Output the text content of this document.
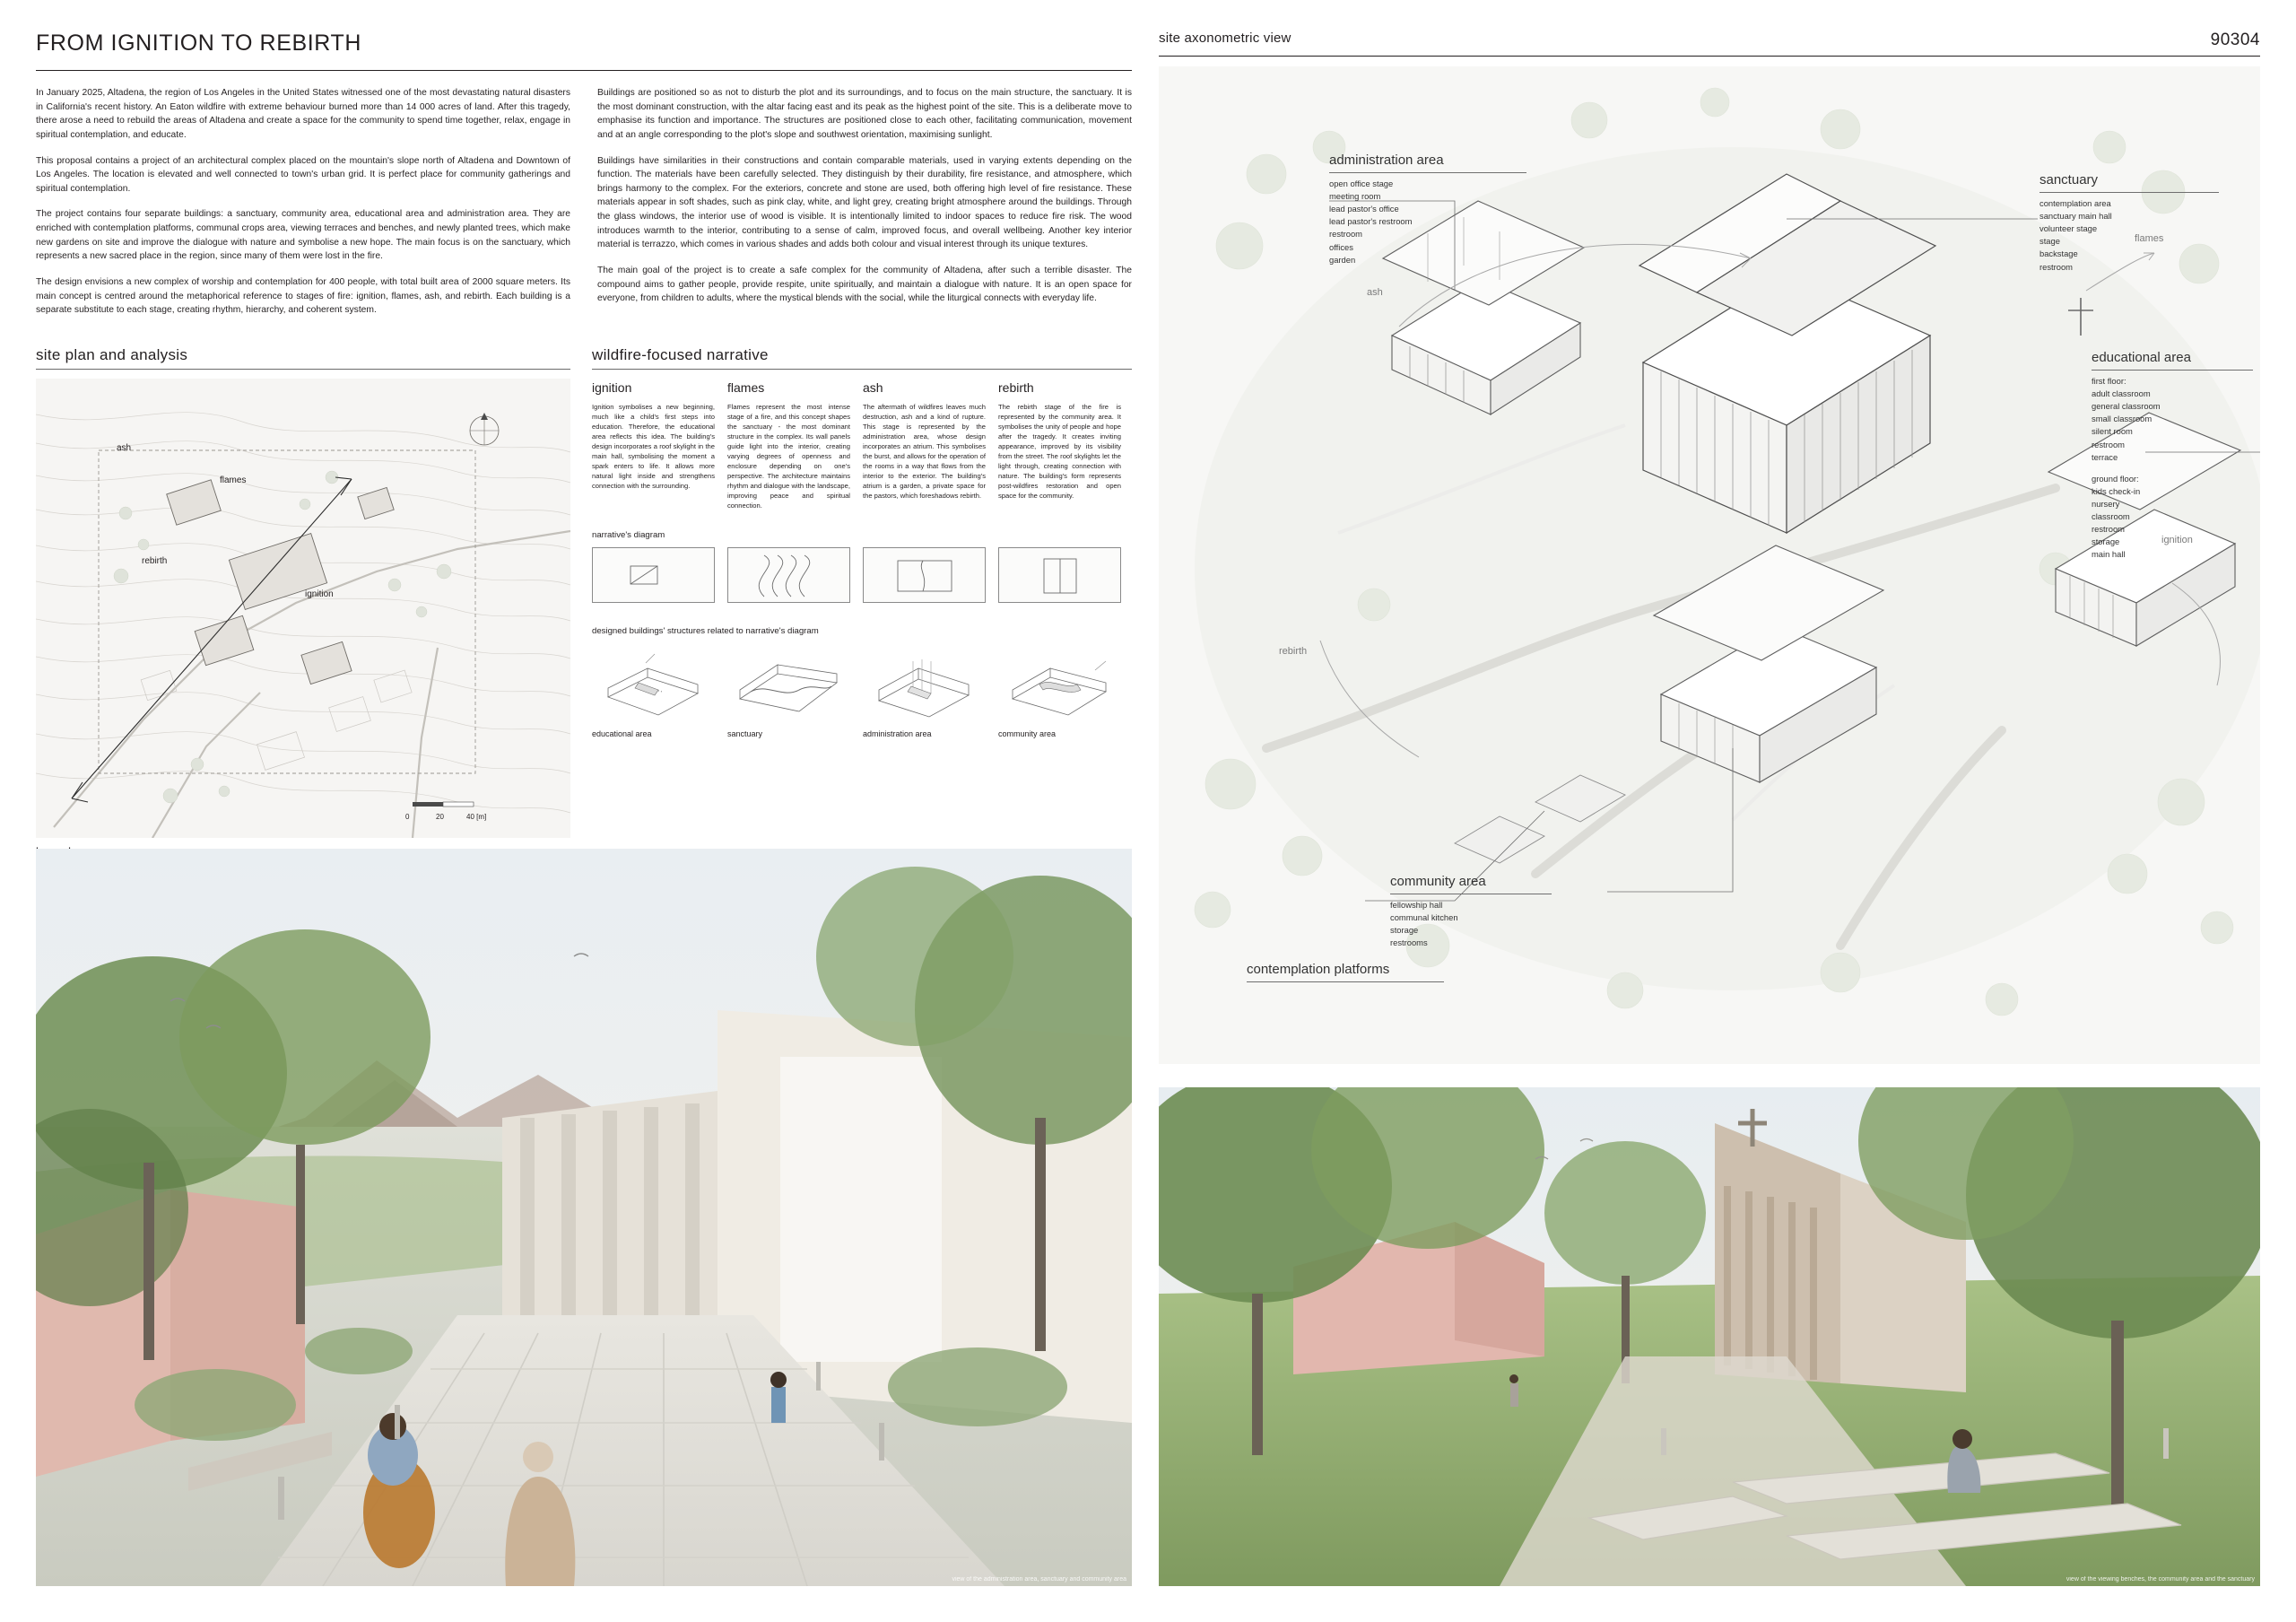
FROM IGNITION TO REBIRTH	site axonometric view	90304

In January 2025, Altadena, the region of Los Angeles in the United States witnessed one of the most devastating natural disasters in California's recent history. An Eaton wildfire with extreme behaviour burned more than 14 000 acres of land. After this tragedy, there arose a need to rebuild the areas of Altadena and create a space for the community to spend time together, relax, engage in spiritual contemplation, and educate.

This proposal contains a project of an architectural complex placed on the mountain's slope north of Altadena and Downtown of Los Angeles. The location is elevated and well connected to town's urban grid. It is perfect place for community gatherings and spiritual contemplation.

The project contains four separate buildings: a sanctuary, community area, educational area and administration area. They are enriched with contemplation platforms, communal crops area, viewing terraces and benches, and newly planted trees, which make new gardens on site and improve the dialogue with nature and symbolise a new hope. The main focus is on the sanctuary, which represents a new sacred place in the region, since many of them were lost in the fire.

The design envisions a new complex of worship and contemplation for 400 people, with total built area of 2000 square meters. Its main concept is centred around the metaphorical reference to stages of fire: ignition, flames, ash, and rebirth. Each building is a separate substitute to each stage, creating rhythm, hierarchy, and coherent system.

Buildings are positioned so as not to disturb the plot and its surroundings, and to focus on the main structure, the sanctuary. It is the most dominant construction, with the altar facing east and its peak as the highest point of the site. This is a deliberate move to emphasise its function and importance. The structures are positioned close to each other, facilitating communication, movement and at an angle corresponding to the plot's slope and southwest orientation, maximising sunlight.

Buildings have similarities in their constructions and contain comparable materials, used in varying extents depending on the function. The materials have been carefully selected. They distinguish by their durability, fire resistance, and atmosphere, which brings harmony to the complex. For the exteriors, concrete and stone are used, both offering high level of fire resistance. These materials appear in soft shades, such as pink clay, white, and light grey, creating bright atmosphere around the buildings. Through the glass windows, the interior use of wood is visible. It is intentionally limited to indoor spaces to reduce fire risk. The wood introduces warmth to the interior, contributing to a sense of calm, improved focus, and overall wellbeing. Another key interior material is terrazzo, which comes in various shades and adds both colour and visual interest through its unique textures.

The main goal of the project is to create a safe complex for the community of Altadena, after such a terrible disaster. The compound aims to gather people, provide respite, unite spiritually, and maintain a dialogue with nature. It is an open space for everyone, from children to adults, where the mystical blends with the social, while the liturgical connects with everyday life.

site plan and analysis
ash
flames
rebirth
ignition
0	20	40 [m]
wildfire-focused narrative
ignition

Ignition symbolises a new beginning, much like a child's first steps into education. Therefore, the educational area reflects this idea. The building's design incorporates a roof skylight in the main hall, symbolising the moment a spark enters to life. It allows more natural light inside and strengthens connection with the surrounding.

flames

Flames represent the most intense stage of a fire, and this concept shapes the sanctuary - the most dominant structure in the complex. Its wall panels guide light into the interior, creating varying degrees of openness and enclosure depending on one's perspective. The architecture maintains rhythm and dialogue with the landscape, improving peace and spiritual connection.

ash

The aftermath of wildfires leaves much destruction, ash and a kind of rupture. This stage is represented by the administration area, whose design incorporates an atrium. This symbolises the burst, and allows for the operation of the rooms in a way that flows from the interior to the exterior. The building's atrium is a garden, a private space for the pastors, which foreshadows rebirth.

rebirth

The rebirth stage of the fire is represented by the community area. It symbolises the unity of people and hope after the tragedy. It creates inviting appearance, improved by its visibility from the street. The roof skylights let the light through, creating connection with nature. The building's form represents post-wildfires restoration and open space for the community.

narrative's diagram
designed buildings' structures related to narrative's diagram
educational area	sanctuary	administration area	community area
administration area
open office stage
meeting room
lead pastor's office
lead pastor's restroom
restroom
offices
garden
sanctuary
contemplation area
sanctuary main hall
volunteer stage
stage
backstage
restroom
educational area
first floor:
adult classroom
general classroom
small classroom
silent room
restroom
terrace
ground floor:
kids check-in
nursery
classroom
restroom
storage
main hall
community area
fellowship hall
communal kitchen
storage
restrooms
contemplation platforms
ash
flames
ignition
rebirth
view of the administration area, sanctuary and community area	view of the viewing benches, the community area and the sanctuary
